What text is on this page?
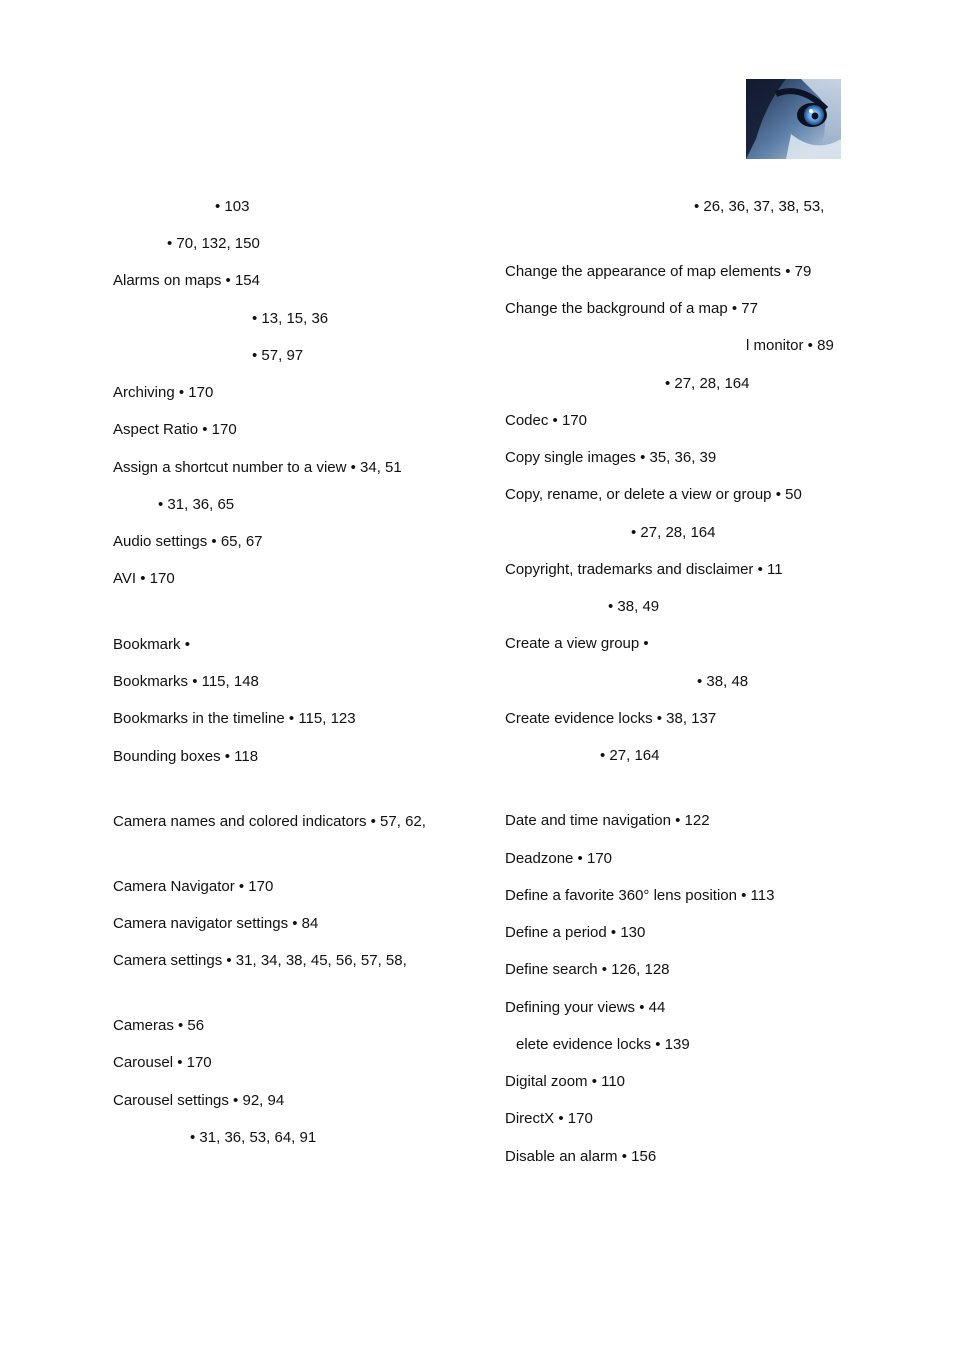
• 103
• 70, 132, 150
Alarms on maps • 154
• 13, 15, 36
• 57, 97
Archiving • 170
Aspect Ratio • 170
Assign a shortcut number to a view • 34, 51
• 31, 36, 65
Audio settings • 65, 67
AVI • 170
Bookmark •
Bookmarks • 115, 148
Bookmarks in the timeline • 115, 123
Bounding boxes • 118
Camera names and colored indicators • 57, 62,
Camera Navigator • 170
Camera navigator settings • 84
Camera settings • 31, 34, 38, 45, 56, 57, 58,
Cameras • 56
Carousel • 170
Carousel settings • 92, 94
• 31, 36, 53, 64, 91
• 26, 36, 37, 38, 53,
Change the appearance of map elements • 79
Change the background of a map • 77
l monitor • 89
• 27, 28, 164
Codec • 170
Copy single images • 35, 36, 39
Copy, rename, or delete a view or group • 50
• 27, 28, 164
Copyright, trademarks and disclaimer • 11
• 38, 49
Create a view group •
• 38, 48
Create evidence locks • 38, 137
• 27, 164
Date and time navigation • 122
Deadzone • 170
Define a favorite 360° lens position • 113
Define a period • 130
Define search • 126, 128
Defining your views • 44
elete evidence locks • 139
Digital zoom • 110
DirectX • 170
Disable an alarm • 156
